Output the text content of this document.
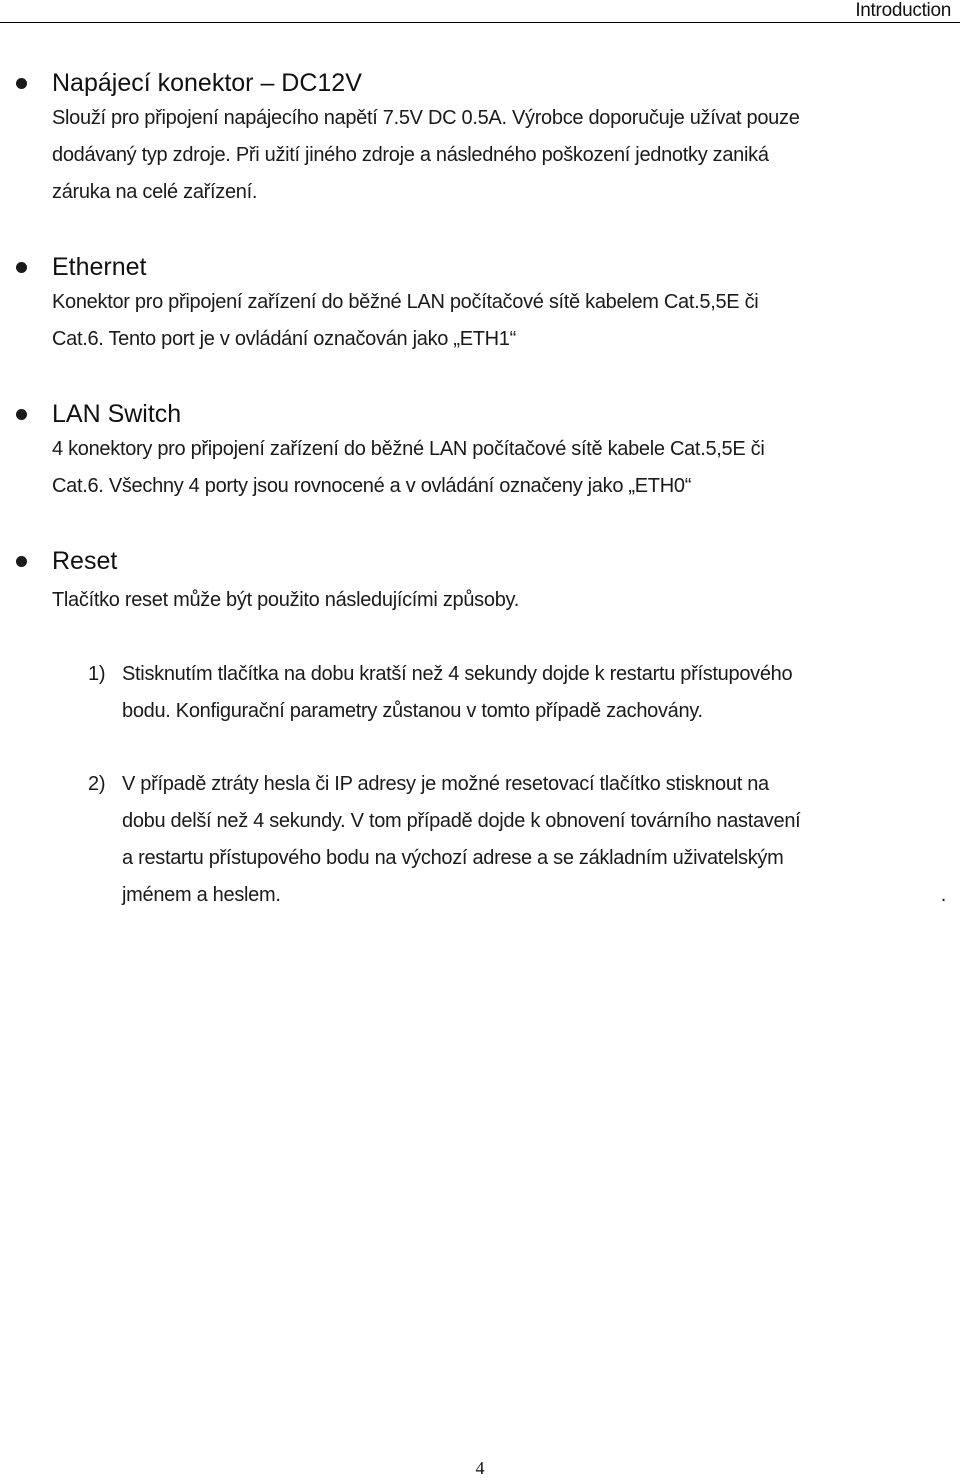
Introduction
Napájecí konektor – DC12V
Slouží pro připojení napájecího napětí 7.5V DC 0.5A. Výrobce doporučuje užívat pouze
dodávaný typ zdroje. Při užití jiného zdroje a následného poškození jednotky zaniká
záruka na celé zařízení.
Ethernet
Konektor pro připojení zařízení do běžné LAN počítačové sítě kabelem Cat.5,5E či
Cat.6. Tento port je v ovládání označován jako „ETH1“
LAN Switch
4 konektory pro připojení zařízení do běžné LAN počítačové sítě kabele Cat.5,5E či
Cat.6. Všechny 4 porty jsou rovnocené a v ovládání označeny jako „ETH0“
Reset
Tlačítko reset může být použito následujícími způsoby.
1) Stisknutím tlačítka na dobu kratší než 4 sekundy dojde k restartu přístupového
bodu. Konfigurační parametry zůstanou v tomto případě zachovány.
2) V případě ztráty hesla či IP adresy je možné resetovací tlačítko stisknout na
dobu delší než 4 sekundy. V tom případě dojde k obnovení továrního nastavení
a restartu přístupového bodu na výchozí adrese a se základním uživatelským
jménem a heslem.	.
4
